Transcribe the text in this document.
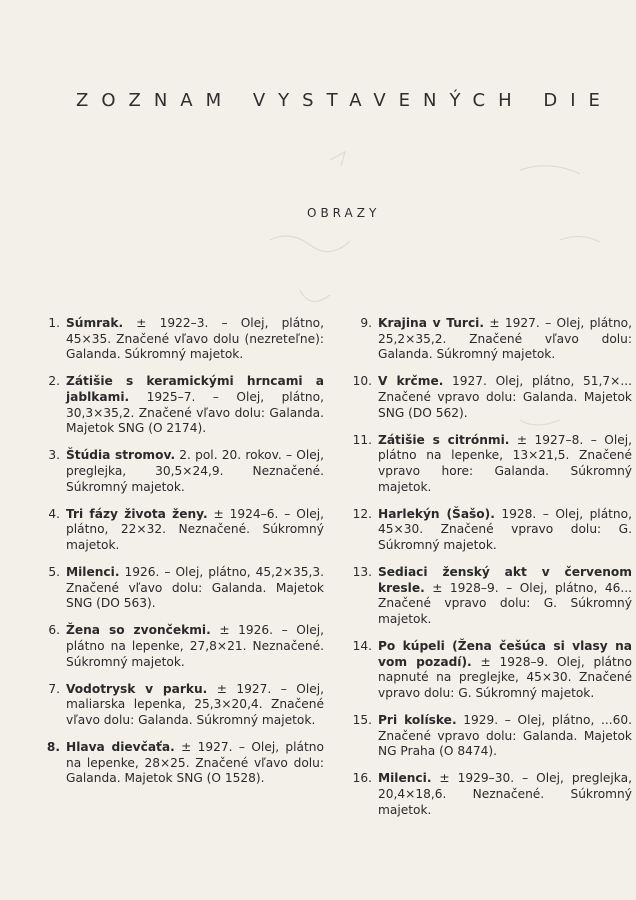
ZOZNAM VYSTAVENÝCH DIE
OBRAZY
1. Súmrak. ± 1922–3. – Olej, plátno, 45×35. Značené vľavo dolu (nezreteľne): Galanda. Súkromný majetok.
2. Zátišie s keramickými hrncami a jablkami. 1925–7. – Olej, plátno, 30,3×35,2. Značené vľavo dolu: Galanda. Majetok SNG (O 2174).
3. Štúdia stromov. 2. pol. 20. rokov. – Olej, preglejka, 30,5×24,9. Neznačené. Súkromný majetok.
4. Tri fázy života ženy. ± 1924–6. – Olej, plátno, 22×32. Neznačené. Súkromný majetok.
5. Milenci. 1926. – Olej, plátno, 45,2×35,3. Značené vľavo dolu: Galanda. Majetok SNG (DO 563).
6. Žena so zvončekmi. ± 1926. – Olej, plátno na lepenke, 27,8×21. Neznačené. Súkromný majetok.
7. Vodotrysk v parku. ± 1927. – Olej, maliarska lepenka, 25,3×20,4. Značené vľavo dolu: Galanda. Súkromný majetok.
8. Hlava dievčaťa. ± 1927. – Olej, plátno na lepenke, 28×25. Značené vľavo dolu: Galanda. Majetok SNG (O 1528).
9. Krajina v Turci. ± 1927. – Olej, plátno, 25,2×35,2. Značené vľavo dolu: Galanda. Súkromný majetok.
10. V krčme. 1927. Olej, plátno, 51,7×... Značené vpravo dolu: Galanda. Majetok SNG (DO 562).
11. Zátišie s citrónmi. ± 1927–8. – Olej, plátno na lepenke, 13×21,5. Značené vpravo hore: Galanda. Súkromný majetok.
12. Harlekýn (Šašo). 1928. – Olej, plátno, 45×30. Značené vpravo dolu: G. Súkromný majetok.
13. Sediaci ženský akt v červenom kresle. ± 1928–9. – Olej, plátno, 46... Značené vpravo dolu: G. Súkromný majetok.
14. Po kúpeli (Žena češúca si vlasy na vom pozadí). ± 1928–9. Olej, plátno napnuté na preglejke, 45×30. Značené vpravo dolu: G. Súkromný majetok.
15. Pri kolíske. 1929. – Olej, plátno, ...60. Značené vpravo dolu: Galanda. Majetok NG Praha (O 8474).
16. Milenci. ± 1929–30. – Olej, preglejka, 20,4×18,6. Neznačené. Súkromný majetok.
